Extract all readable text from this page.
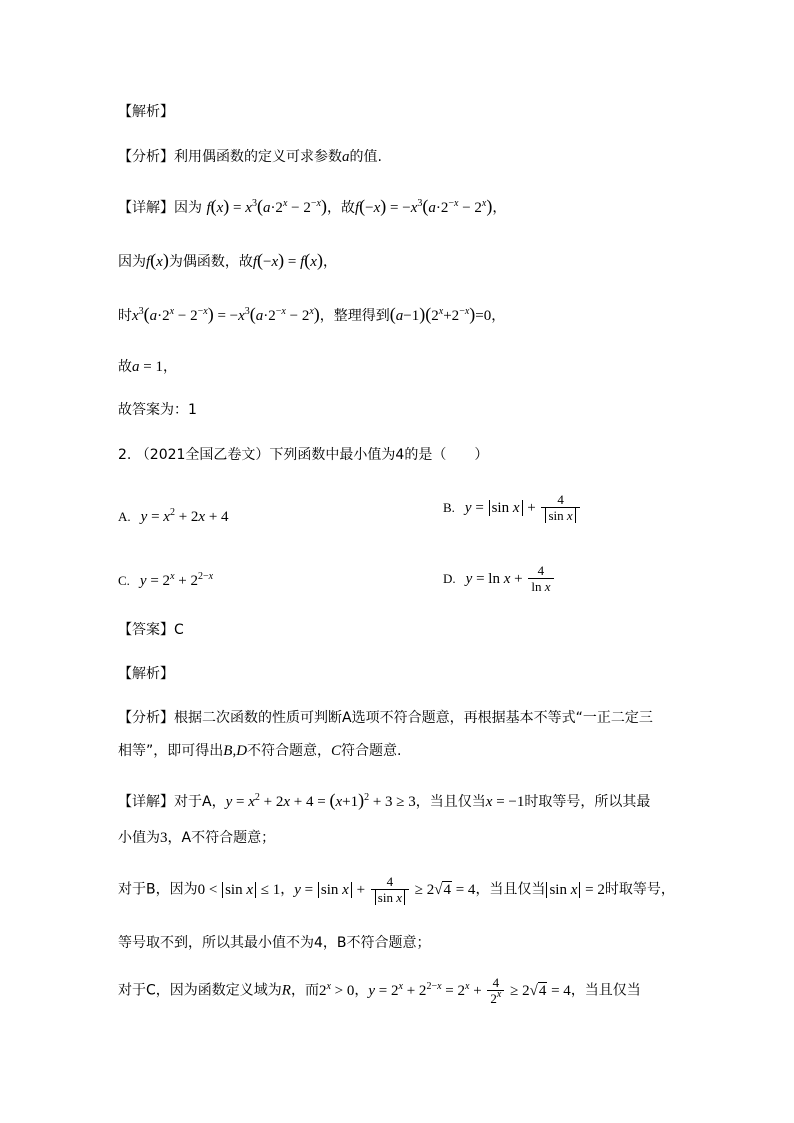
【解析】
【分析】利用偶函数的定义可求参数a的值.
【详解】因为 $f(x) = x^3(a\cdot 2^x - 2^{-x})$，故$f(-x) = -x^3(a\cdot 2^{-x} - 2^x)$，
因为f(x)为偶函数，故f(−x) = f(x)，
时$x^3(a\cdot 2^x - 2^{-x}) = -x^3(a\cdot 2^{-x} - 2^x)$，整理得到$(a-1)(2^x+2^{-x})=0$，
故a = 1，
故答案为：1
2. （2021全国乙卷文）下列函数中最小值为4的是（　　）
A. $y = x^2 + 2x + 4$
B. $y = \sin x + \frac{4}{\text{sin x}}$
C. $y = 2^x + 2^{2-x}$	D. $y = \ln x + \frac{4}{\text{ln x}}$
【答案】C
【解析】
【分析】根据二次函数的性质可判断A选项不符合题意，再根据基本不等式“一正二定三
相等”，即可得出B,D不符合题意，C符合题意.
【详解】对于A，$y = x^2 + 2x + 4 = (x+1)^2 + 3 \ge 3$，当且仅当x = −1时取等号，所以其最
小值为3，A不符合题意；
对于B，因为0 < sin x ≤ 1，$y = \sin x + \frac{4}{\text{sin x}} \ge 2√4 = 4$，当且仅当 sin x = 2时取等号，
等号取不到，所以其最小值不为4，B不符合题意；
对于C，因为函数定义域为R，而$2^x > 0$，$y = 2^x + 2^{2-x} = 2^x + \frac{4}{2^x} \ge 2√4 = 4$，当且仅当
